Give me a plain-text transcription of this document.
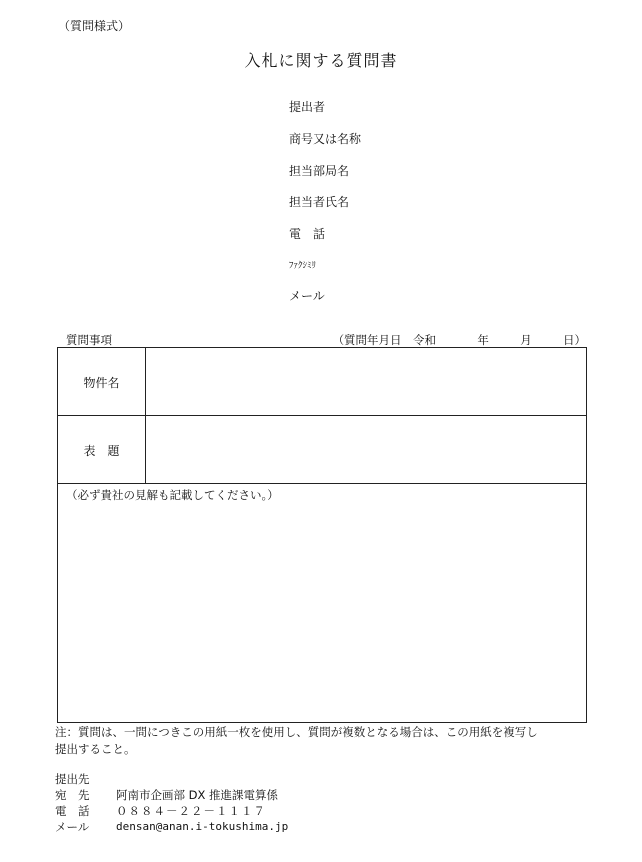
（質問様式）
入札に関する質問書
提出者
商号又は名称
担当部局名
担当者氏名
電　話
ﾌｧｸｼﾐﾘ
メール
質問事項	（質問年月日　令和	年	月	日）
物件名
表　題
（必ず貴社の見解も記載してください。）
注：質問は、一問につきこの用紙一枚を使用し、質問が複数となる場合は、この用紙を複写し
提出すること。
提出先
宛　先 阿南市企画部 DX 推進課電算係
電　話 ０８８４－２２－１１１７
メール densan@anan.i-tokushima.jp
